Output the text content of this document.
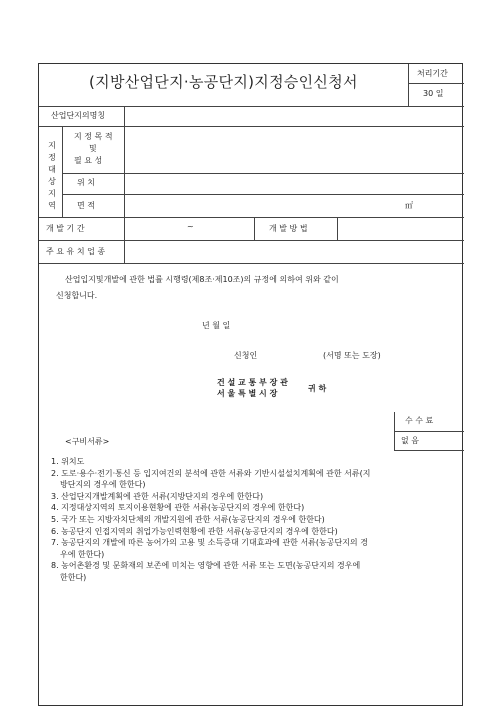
(지방산업단지·농공단지)지정승인신청서	처리기간
30 일
산업단지의명칭
지정대상지역
지 정 목 적
및
필 요 성
위 치
면 적	㎡
개 발 기 간	~	개 발 방 법
주 요 유 치 업 종
산업입지및개발에 관한 법률 시행령(제8조·제10조)의 규정에 의하여 위와 같이
신청합니다.
년 월 일
신청인	(서명 또는 도장)
건 설 교 통 부 장 관
서 울 특 별 시 장
귀 하
수 수 료
없 음
<구비서류>
1. 위치도
2. 도로·용수·전기·통신 등 입지여건의 분석에 관한 서류와 기반시설설치계획에 관한 서류(지
방단지의 경우에 한한다)
3. 산업단지개발계획에 관한 서류(지방단지의 경우에 한한다)
4. 지정대상지역의 토지이용현황에 관한 서류(농공단지의 경우에 한한다)
5. 국가 또는 지방자치단체의 개발지원에 관한 서류(농공단지의 경우에 한한다)
6. 농공단지 인접지역의 취업가능인력현황에 관한 서류(농공단지의 경우에 한한다)
7. 농공단지의 개발에 따른 농어가의 고용 및 소득증대 기대효과에 관한 서류(농공단지의 경
우에 한한다)
8. 농어촌환경 및 문화재의 보존에 미치는 영향에 관한 서류 또는 도면(농공단지의 경우에
한한다)
